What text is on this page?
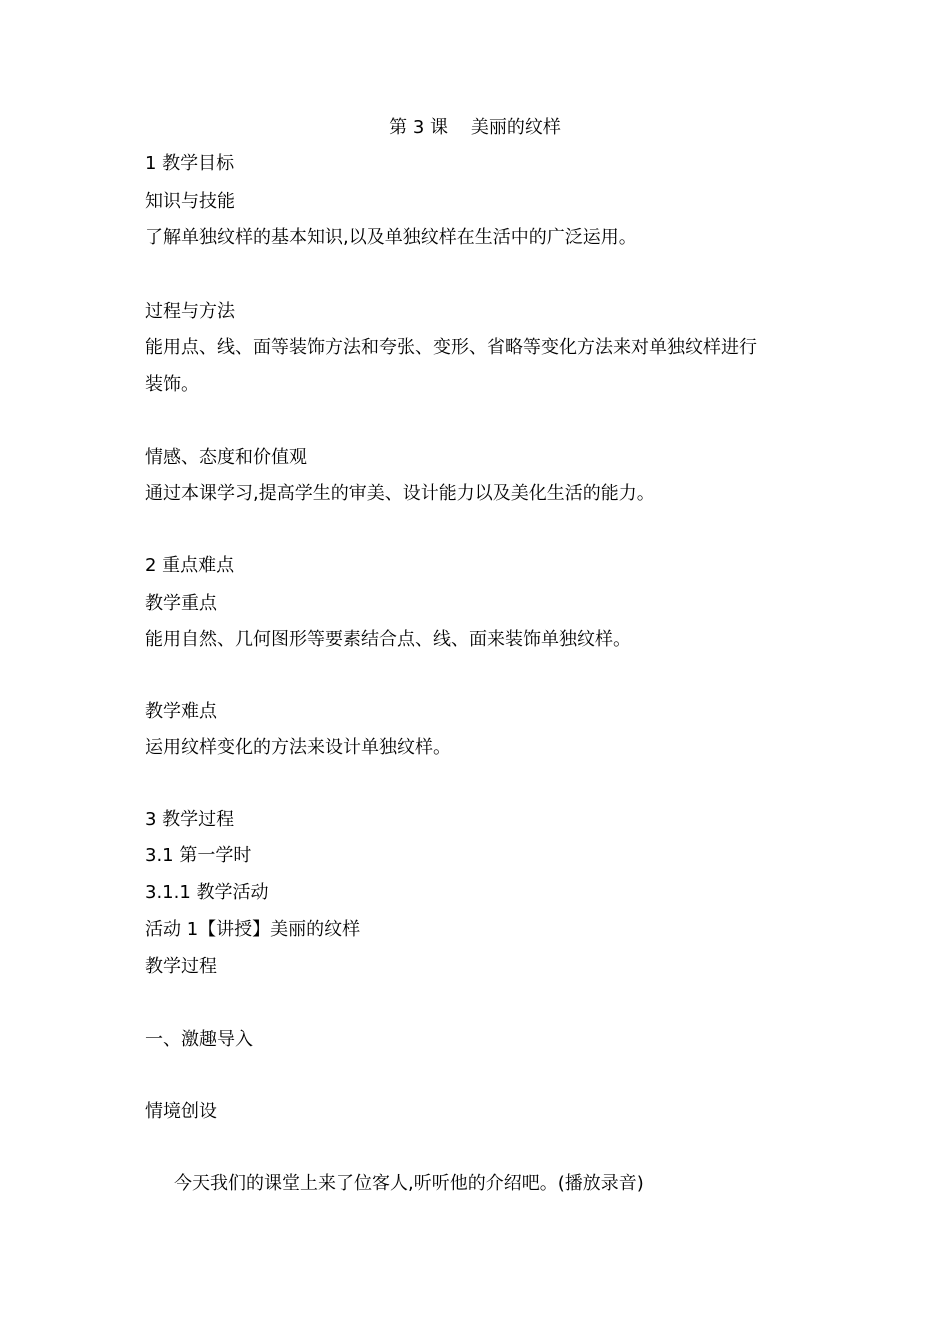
第 3 课    美丽的纹样
1 教学目标
知识与技能
了解单独纹样的基本知识,以及单独纹样在生活中的广泛运用。
过程与方法
能用点、线、面等装饰方法和夸张、变形、省略等变化方法来对单独纹样进行
装饰。
情感、态度和价值观
通过本课学习,提高学生的审美、设计能力以及美化生活的能力。
2 重点难点
教学重点
能用自然、几何图形等要素结合点、线、面来装饰单独纹样。
教学难点
运用纹样变化的方法来设计单独纹样。
3 教学过程
3.1 第一学时
3.1.1 教学活动
活动 1【讲授】美丽的纹样
教学过程
一、激趣导入
情境创设
今天我们的课堂上来了位客人,听听他的介绍吧。(播放录音)
